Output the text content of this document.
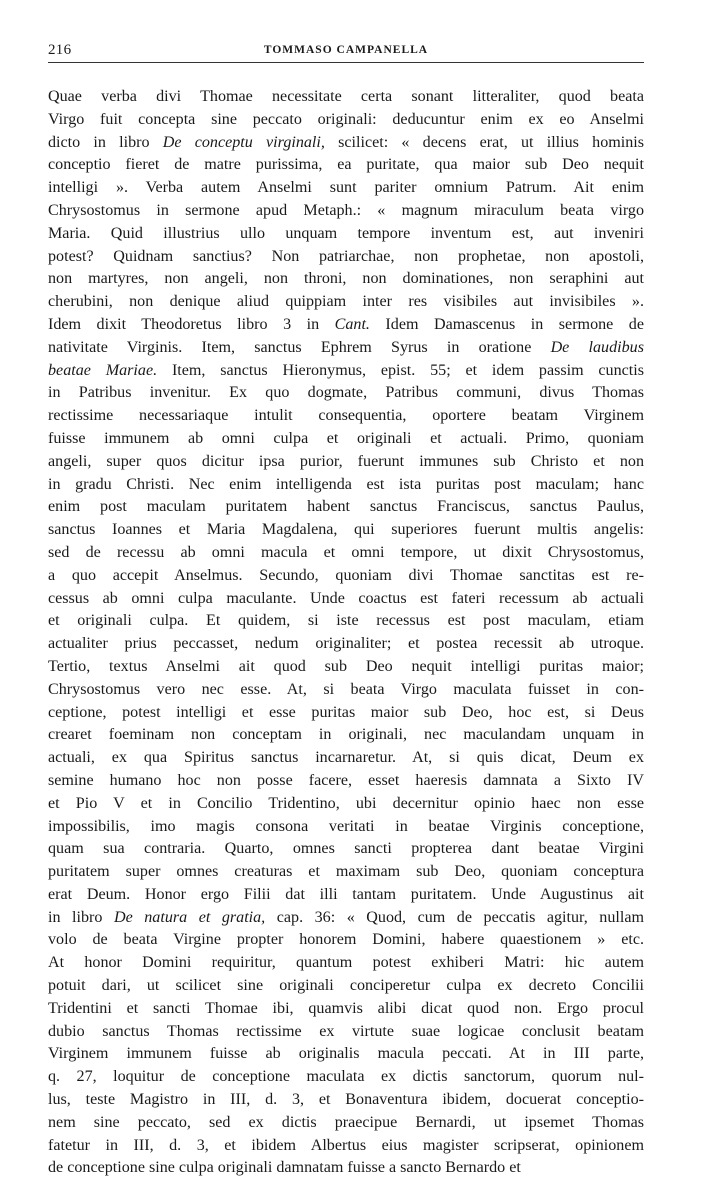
216	TOMMASO CAMPANELLA
Quae verba divi Thomae necessitate certa sonant litteraliter, quod beata
Virgo fuit concepta sine peccato originali: deducuntur enim ex eo Anselmi
dicto in libro De conceptu virginali, scilicet: « decens erat, ut illius hominis
conceptio fieret de matre purissima, ea puritate, qua maior sub Deo nequit
intelligi ». Verba autem Anselmi sunt pariter omnium Patrum. Ait enim
Chrysostomus in sermone apud Metaph.: « magnum miraculum beata virgo
Maria. Quid illustrius ullo unquam tempore inventum est, aut inveniri
potest? Quidnam sanctius? Non patriarchae, non prophetae, non apostoli,
non martyres, non angeli, non throni, non dominationes, non seraphini aut
cherubini, non denique aliud quippiam inter res visibiles aut invisibiles ».
Idem dixit Theodoretus libro 3 in Cant. Idem Damascenus in sermone de
nativitate Virginis. Item, sanctus Ephrem Syrus in oratione De laudibus
beatae Mariae. Item, sanctus Hieronymus, epist. 55; et idem passim cunctis
in Patribus invenitur. Ex quo dogmate, Patribus communi, divus Thomas
rectissime necessariaque intulit consequentia, oportere beatam Virginem
fuisse immunem ab omni culpa et originali et actuali. Primo, quoniam
angeli, super quos dicitur ipsa purior, fuerunt immunes sub Christo et non
in gradu Christi. Nec enim intelligenda est ista puritas post maculam; hanc
enim post maculam puritatem habent sanctus Franciscus, sanctus Paulus,
sanctus Ioannes et Maria Magdalena, qui superiores fuerunt multis angelis:
sed de recessu ab omni macula et omni tempore, ut dixit Chrysostomus,
a quo accepit Anselmus. Secundo, quoniam divi Thomae sanctitas est re-
cessus ab omni culpa maculante. Unde coactus est fateri recessum ab actuali
et originali culpa. Et quidem, si iste recessus est post maculam, etiam
actualiter prius peccasset, nedum originaliter; et postea recessit ab utroque.
Tertio, textus Anselmi ait quod sub Deo nequit intelligi puritas maior;
Chrysostomus vero nec esse. At, si beata Virgo maculata fuisset in con-
ceptione, potest intelligi et esse puritas maior sub Deo, hoc est, si Deus
crearet foeminam non conceptam in originali, nec maculandam unquam in
actuali, ex qua Spiritus sanctus incarnaretur. At, si quis dicat, Deum ex
semine humano hoc non posse facere, esset haeresis damnata a Sixto IV
et Pio V et in Concilio Tridentino, ubi decernitur opinio haec non esse
impossibilis, imo magis consona veritati in beatae Virginis conceptione,
quam sua contraria. Quarto, omnes sancti propterea dant beatae Virgini
puritatem super omnes creaturas et maximam sub Deo, quoniam conceptura
erat Deum. Honor ergo Filii dat illi tantam puritatem. Unde Augustinus ait
in libro De natura et gratia, cap. 36: « Quod, cum de peccatis agitur, nullam
volo de beata Virgine propter honorem Domini, habere quaestionem » etc.
At honor Domini requiritur, quantum potest exhiberi Matri: hic autem
potuit dari, ut scilicet sine originali conciperetur culpa ex decreto Concilii
Tridentini et sancti Thomae ibi, quamvis alibi dicat quod non. Ergo procul
dubio sanctus Thomas rectissime ex virtute suae logicae conclusit beatam
Virginem immunem fuisse ab originalis macula peccati. At in III parte,
q. 27, loquitur de conceptione maculata ex dictis sanctorum, quorum nul-
lus, teste Magistro in III, d. 3, et Bonaventura ibidem, docuerat conceptio-
nem sine peccato, sed ex dictis praecipue Bernardi, ut ipsemet Thomas
fatetur in III, d. 3, et ibidem Albertus eius magister scripserat, opinionem
de conceptione sine culpa originali damnatam fuisse a sancto Bernardo et
